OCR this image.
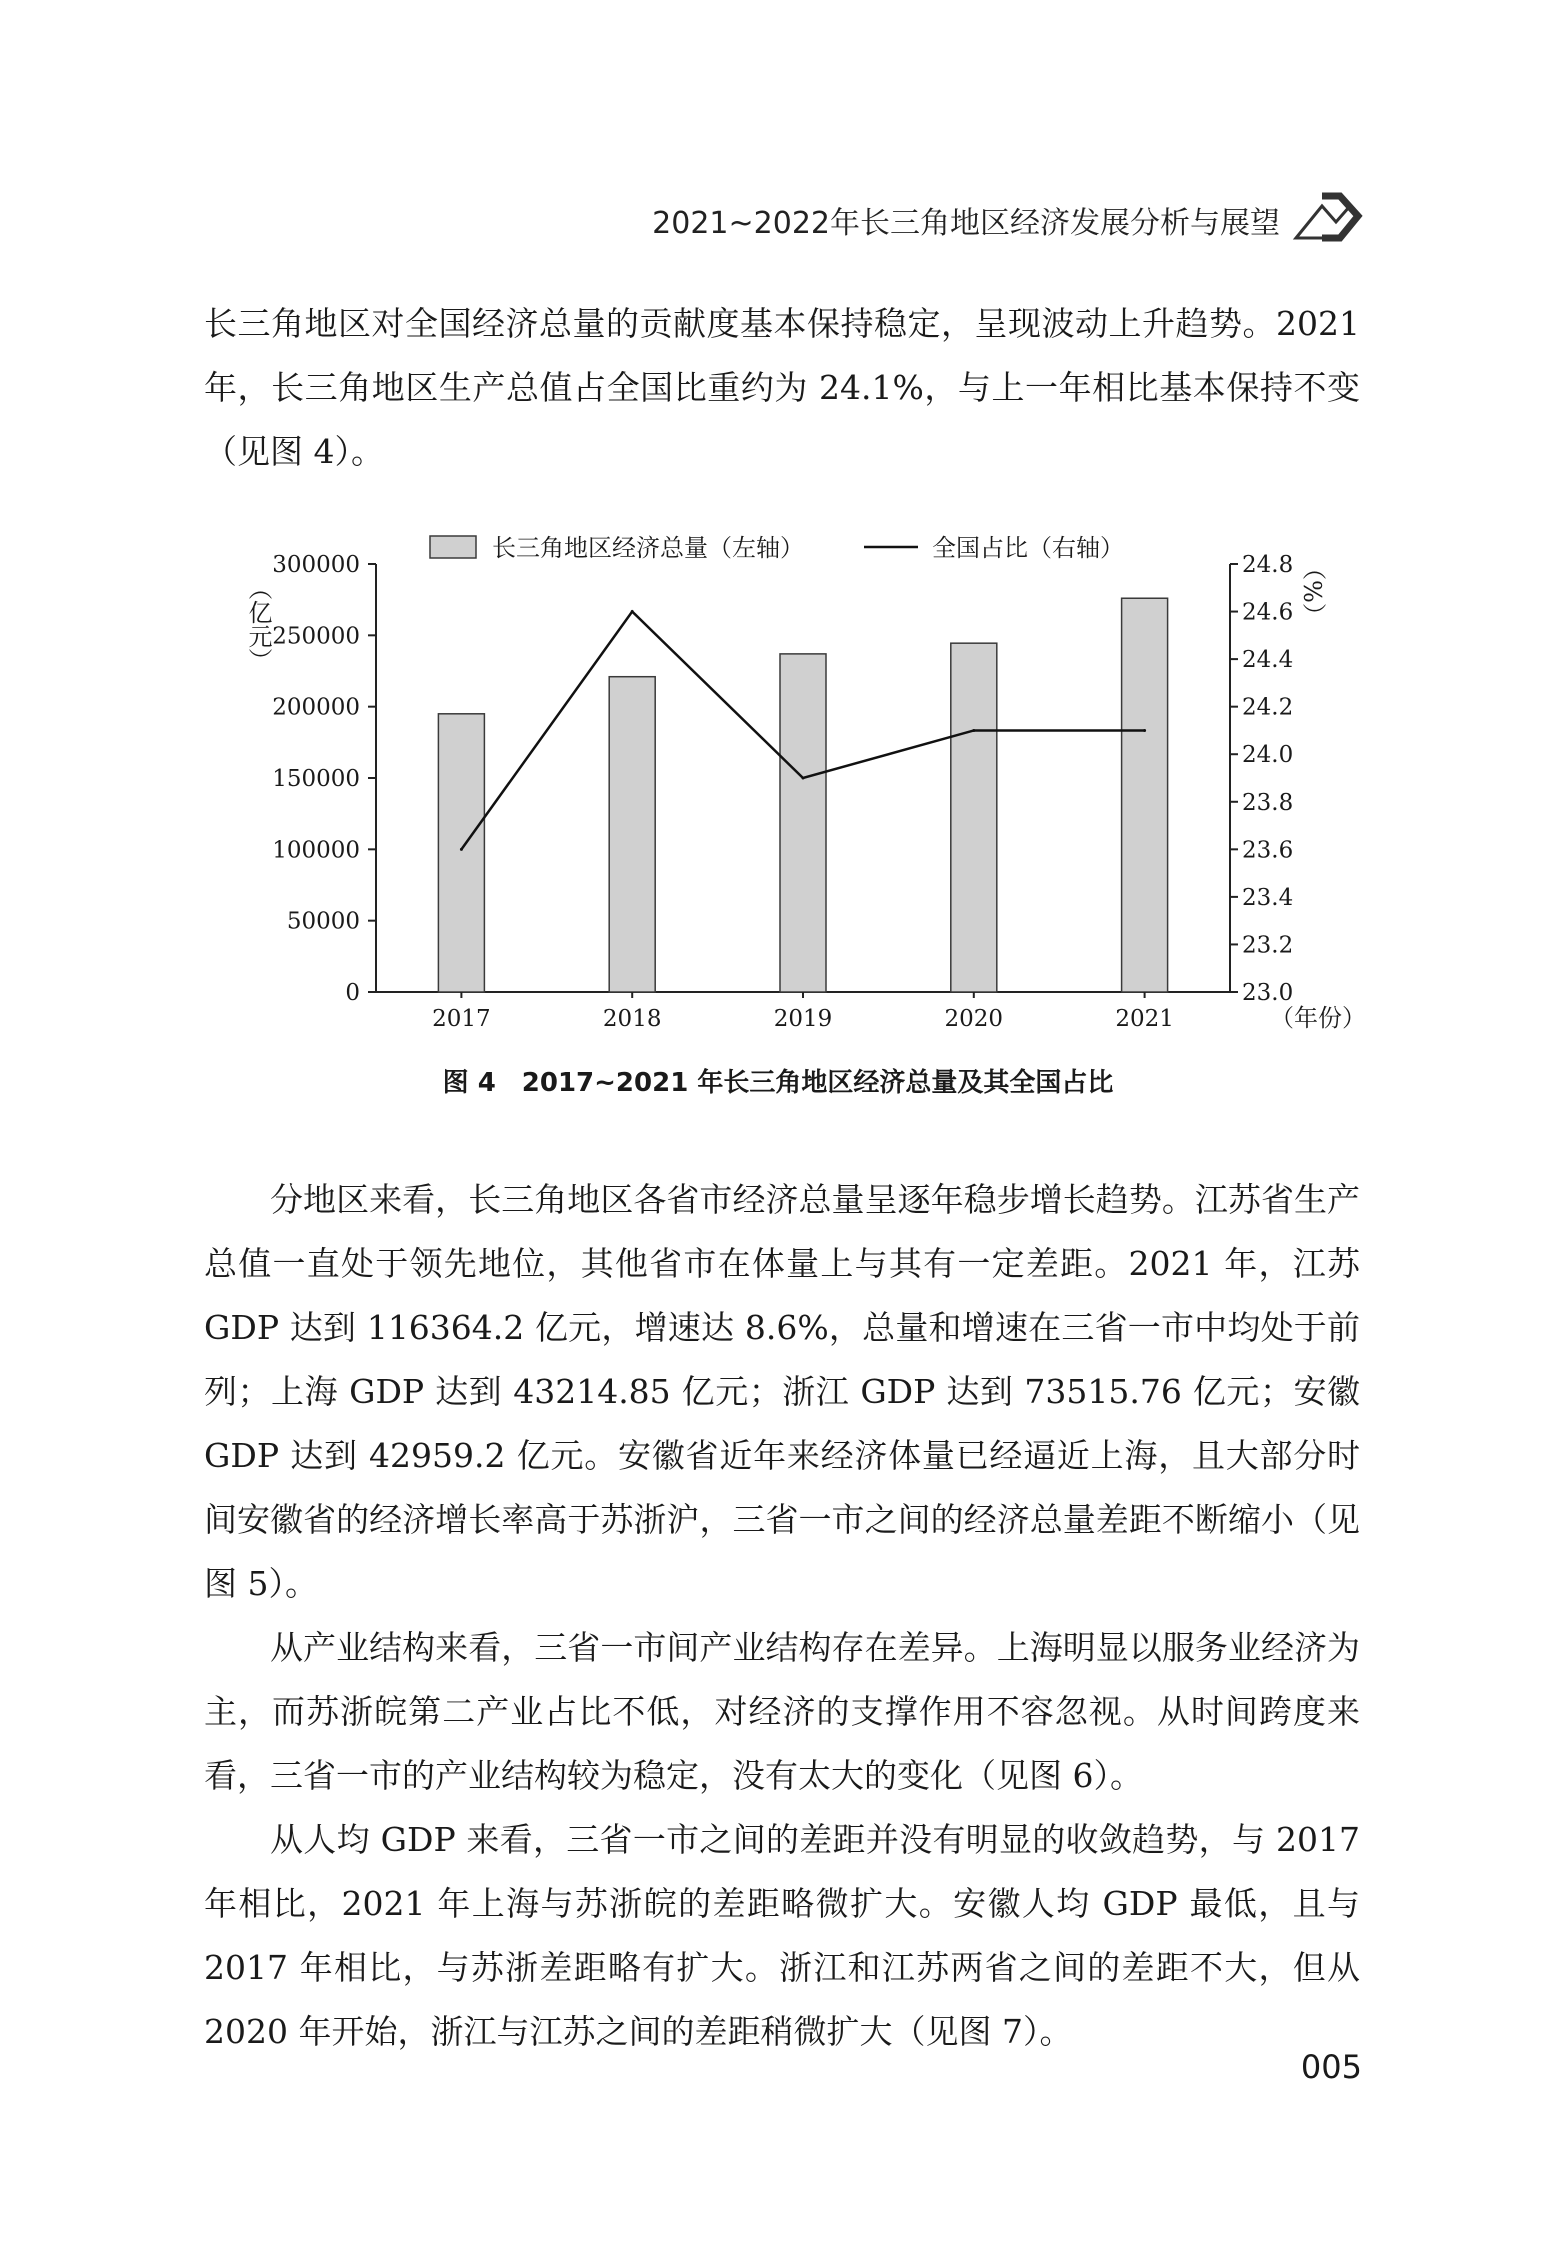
2021~2022年长三角地区经济发展分析与展望

长三角地区对全国经济总量的贡献度基本保持稳定，呈现波动上升趋势。2021 年，长三角地区生产总值占全国比重约为 24.1%，与上一年相比基本保持不变（见图 4）。

0
50000
100000
150000
200000
250000
300000
23.0
23.2
23.4
23.6
23.8
24.0
24.2
24.4
24.6
24.8
2017	2018	2019	2020	2021
（亿元）	（%）
（年份）
长三角地区经济总量（左轴）	全国占比（右轴）
图 4　2017~2021 年长三角地区经济总量及其全国占比

分地区来看，长三角地区各省市经济总量呈逐年稳步增长趋势。江苏省生产总值一直处于领先地位，其他省市在体量上与其有一定差距。2021 年，江苏 GDP 达到 116364.2 亿元，增速达 8.6%，总量和增速在三省一市中均处于前列；上海 GDP 达到 43214.85 亿元；浙江 GDP 达到 73515.76 亿元；安徽 GDP 达到 42959.2 亿元。安徽省近年来经济体量已经逼近上海，且大部分时间安徽省的经济增长率高于苏浙沪，三省一市之间的经济总量差距不断缩小（见图 5）。

从产业结构来看，三省一市间产业结构存在差异。上海明显以服务业经济为主，而苏浙皖第二产业占比不低，对经济的支撑作用不容忽视。从时间跨度来看，三省一市的产业结构较为稳定，没有太大的变化（见图 6）。

从人均 GDP 来看，三省一市之间的差距并没有明显的收敛趋势，与 2017 年相比，2021 年上海与苏浙皖的差距略微扩大。安徽人均 GDP 最低，且与 2017 年相比，与苏浙差距略有扩大。浙江和江苏两省之间的差距不大，但从 2020 年开始，浙江与江苏之间的差距稍微扩大（见图 7）。

005
